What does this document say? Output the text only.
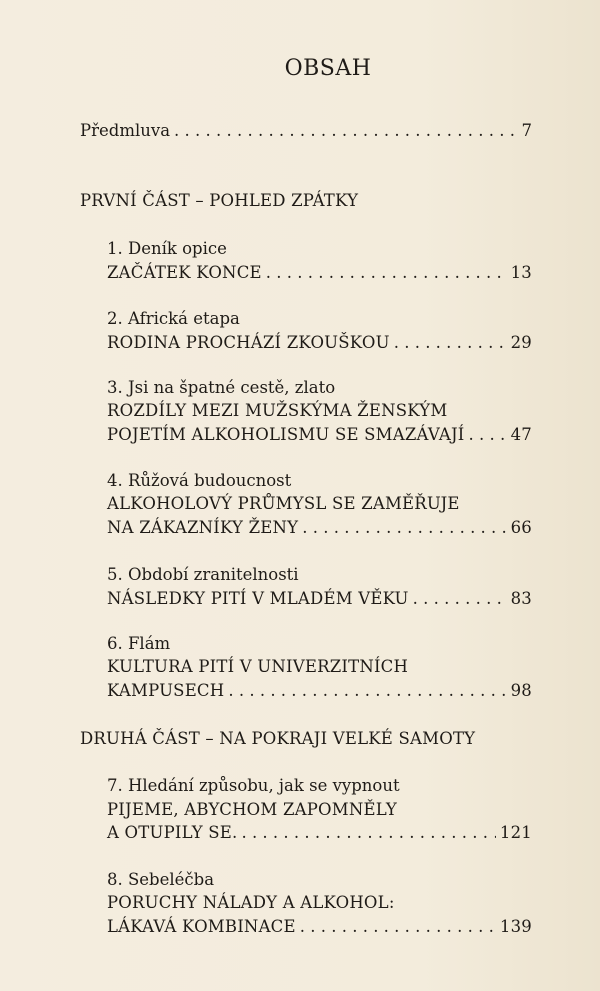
OBSAH
Předmluva . . .	7
PRVNÍ ČÁST – POHLED ZPÁTKY
1. Deník opice
ZAČÁTEK KONCE . . .	13
2. Africká etapa
RODINA PROCHÁZÍ ZKOUŠKOU . . .	29
3. Jsi na špatné cestě, zlato
ROZDÍLY MEZI MUŽSKÝMA ŽENSKÝM
POJETÍM ALKOHOLISMU SE SMAZÁVAJÍ . . .	47
4. Růžová budoucnost
ALKOHOLOVÝ PRŮMYSL SE ZAMĚŘUJE
NA ZÁKAZNÍKY ŽENY . . .	66
5. Období zranitelnosti
NÁSLEDKY PITÍ V MLADÉM VĚKU . . .	83
6. Flám
KULTURA PITÍ V UNIVERZITNÍCH
KAMPUSECH . . .	98
DRUHÁ ČÁST – NA POKRAJI VELKÉ SAMOTY
7. Hledání způsobu, jak se vypnout
PIJEME, ABYCHOM ZAPOMNĚLY
A OTUPILY SE. . . .	121
8. Sebeléčba
PORUCHY NÁLADY A ALKOHOL:
LÁKAVÁ KOMBINACE . . .	139
